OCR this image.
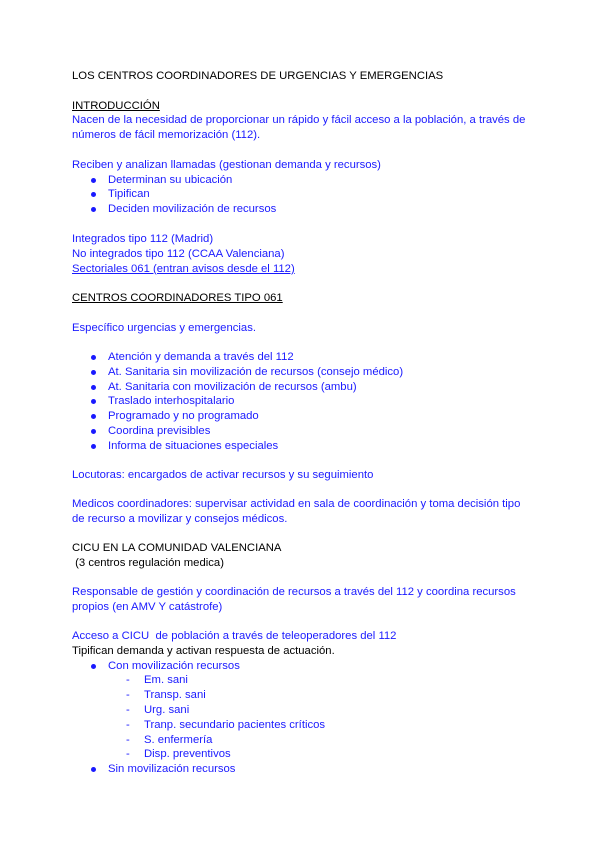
LOS CENTROS COORDINADORES DE URGENCIAS Y EMERGENCIAS
INTRODUCCIÓN
Nacen de la necesidad de proporcionar un rápido y fácil acceso a la población, a través de
números de fácil memorización (112).
Reciben y analizan llamadas (gestionan demanda y recursos)
Determinan su ubicación
Tipifican
Deciden movilización de recursos
Integrados tipo 112 (Madrid)
No integrados tipo 112 (CCAA Valenciana)
Sectoriales 061 (entran avisos desde el 112)
CENTROS COORDINADORES TIPO 061
Específico urgencias y emergencias.
Atención y demanda a través del 112
At. Sanitaria sin movilización de recursos (consejo médico)
At. Sanitaria con movilización de recursos (ambu)
Traslado interhospitalario
Programado y no programado
Coordina previsibles
Informa de situaciones especiales
Locutoras: encargados de activar recursos y su seguimiento
Medicos coordinadores: supervisar actividad en sala de coordinación y toma decisión tipo
de recurso a movilizar y consejos médicos.
CICU EN LA COMUNIDAD VALENCIANA
(3 centros regulación medica)
Responsable de gestión y coordinación de recursos a través del 112 y coordina recursos
propios (en AMV Y catástrofe)
Acceso a CICU  de población a través de teleoperadores del 112
Tipifican demanda y activan respuesta de actuación.
Con movilización recursos
- Em. sani
- Transp. sani
- Urg. sani
- Tranp. secundario pacientes críticos
- S. enfermería
- Disp. preventivos
Sin movilización recursos
